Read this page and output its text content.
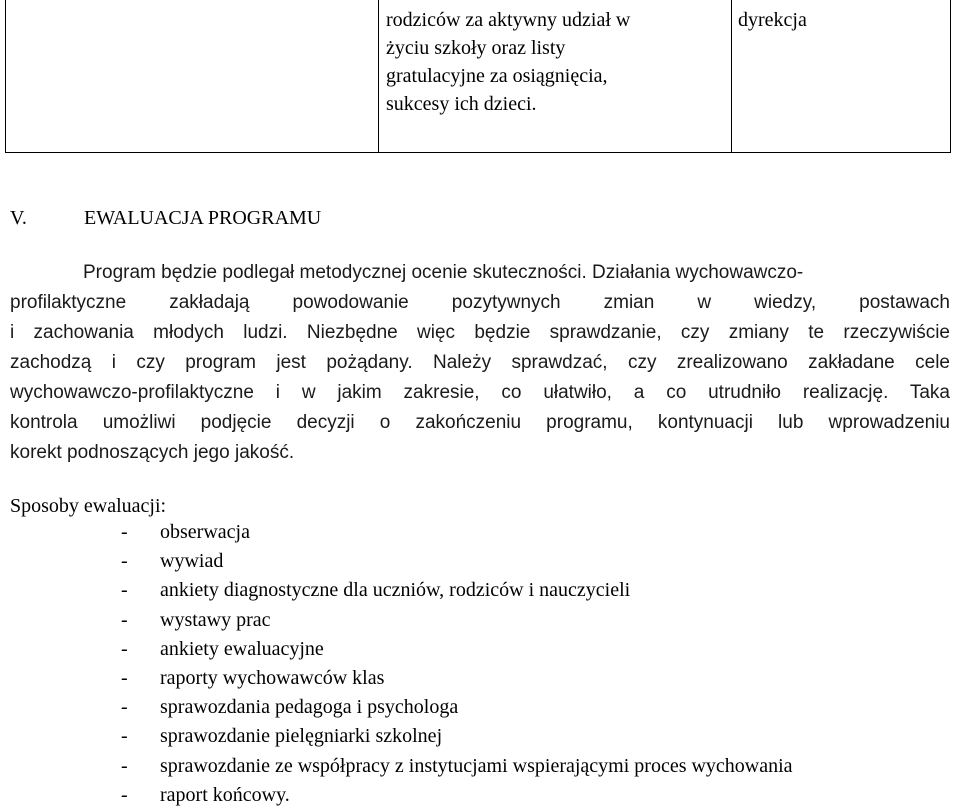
rodziców za aktywny udział w
życiu szkoły oraz listy
gratulacyjne za osiągnięcia,
sukcesy ich dzieci.
dyrekcja
V.	EWALUACJA PROGRAMU
Program będzie podlegał metodycznej ocenie skuteczności. Działania wychowawczo-
profilaktyczne zakładają powodowanie pozytywnych zmian w wiedzy, postawach
i zachowania młodych ludzi. Niezbędne więc będzie sprawdzanie, czy zmiany te rzeczywiście
zachodzą i czy program jest pożądany. Należy sprawdzać, czy zrealizowano zakładane cele
wychowawczo-profilaktyczne i w jakim zakresie, co ułatwiło, a co utrudniło realizację. Taka
kontrola umożliwi podjęcie decyzji o zakończeniu programu, kontynuacji lub wprowadzeniu
korekt podnoszących jego jakość.
Sposoby ewaluacji:
- obserwacja
- wywiad
- ankiety diagnostyczne dla uczniów, rodziców i nauczycieli
- wystawy prac
- ankiety ewaluacyjne
- raporty wychowawców klas
- sprawozdania pedagoga i psychologa
- sprawozdanie pielęgniarki szkolnej
- sprawozdanie ze współpracy z instytucjami wspierającymi proces wychowania
- raport końcowy.
